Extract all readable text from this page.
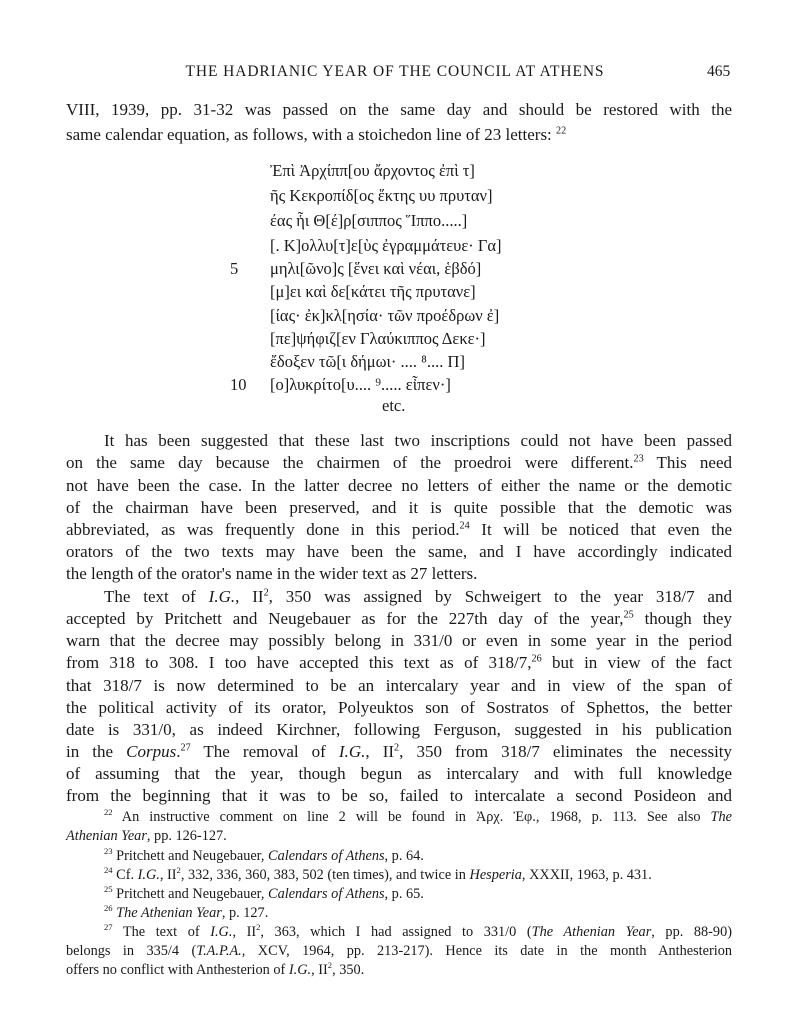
THE HADRIANIC YEAR OF THE COUNCIL AT ATHENS	465
VIII, 1939, pp. 31-32 was passed on the same day and should be restored with the
same calendar equation, as follows, with a stoichedon line of 23 letters: $^{22}$
Ἐπὶ Ἀρχίππ[ου ἄρχοντος ἐπὶ τ]
ῆς Κεκροπίδ[ος ἕκτης υυ πρυταν]
έας ἧι Θ[έ]ρ[σιππος Ἵππο.....]
[. Κ]ολλυ[τ]ε[ὺς ἐγραμμάτευε· Γα]
5	μηλι[ῶνο]ς [ἕνει καὶ νέαι, ἑβδό]
[μ]ει καὶ δε[κάτει τῆς πρυτανε]
[ίας· ἐκ]κλ[ησία· τῶν προέδρων ἐ]
[πε]ψήφιζ[εν Γλαύκιππος Δεκε·]
ἔδοξεν τῶ[ι δήμωι· .... ⁸.... Π]
10	[ο]λυκρίτο[υ.... ⁹..... εἶπεν·]
etc.
It has been suggested that these last two inscriptions could not have been passed
on the same day because the chairmen of the proedroi were different.$^{23}$ This need
not have been the case. In the latter decree no letters of either the name or the demotic
of the chairman have been preserved, and it is quite possible that the demotic was
abbreviated, as was frequently done in this period.$^{24}$ It will be noticed that even the
orators of the two texts may have been the same, and I have accordingly indicated
the length of the orator's name in the wider text as 27 letters.
The text of I.G., $II^2$, 350 was assigned by Schweigert to the year 318/7 and
accepted by Pritchett and Neugebauer as for the 227th day of the year,$^{25}$ though they
warn that the decree may possibly belong in 331/0 or even in some year in the period
from 318 to 308. I too have accepted this text as of 318/7,26 but in view of the fact
that 318/7 is now determined to be an intercalary year and in view of the span of
the political activity of its orator, Polyeuktos son of Sostratos of Sphettos, the better
date is 331/0, as indeed Kirchner, following Ferguson, suggested in his publication
in the Corpus.$^{27}$ The removal of I.G., $II^2$, 350 from 318/7 eliminates the necessity
of assuming that the year, though begun as intercalary and with full knowledge
from the beginning that it was to be so, failed to intercalate a second Posideon and
$^{22}$ An instructive comment on line 2 will be found in Ἀρχ. Ἐφ., 1968, p. 113. See also The
Athenian Year, pp. 126-127.
$^{23}$ Pritchett and Neugebauer, Calendars of Athens, p. 64.
$^{24}$ Cf. I.G., $II^2$, 332, 336, 360, 383, 502 (ten times), and twice in Hesperia, XXXII, 1963, p. 431.
$^{25}$ Pritchett and Neugebauer, Calendars of Athens, p. 65.
$^{26}$ The Athenian Year, p. 127.
$^{27}$ The text of I.G., $II^2$, 363, which I had assigned to 331/0 (The Athenian Year, pp. 88-90)
belongs in 335/4 (T.A.P.A., XCV, 1964, pp. 213-217). Hence its date in the month Anthesterion
offers no conflict with Anthesterion of I.G., $II^2$, 350.
